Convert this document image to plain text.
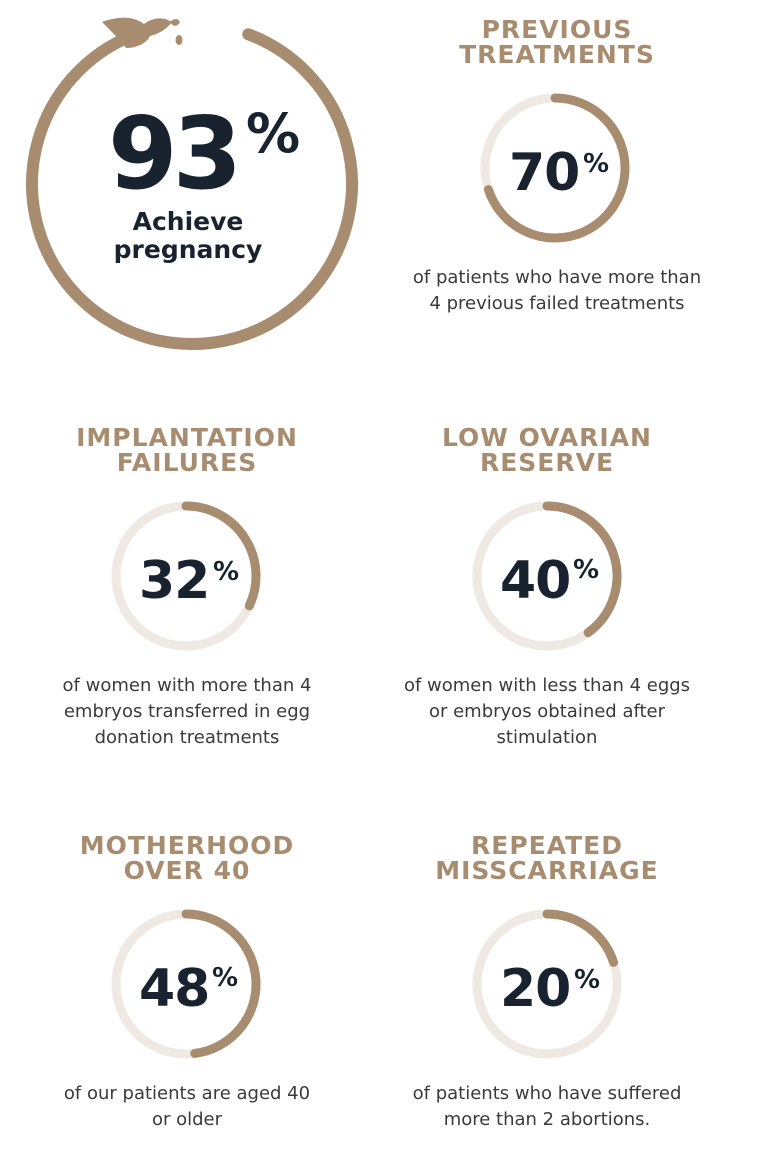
93 %
Achieve
pregnancy
PREVIOUS
TREATMENTS
70 %
of patients who have more than
4 previous failed treatments
IMPLANTATION
FAILURES
32 %
of women with more than 4
embryos transferred in egg
donation treatments
LOW OVARIAN
RESERVE
40 %
of women with less than 4 eggs
or embryos obtained after
stimulation
MOTHERHOOD
OVER 40
48 %
of our patients are aged 40
or older
REPEATED
MISSCARRIAGE
20 %
of patients who have suffered
more than 2 abortions.
